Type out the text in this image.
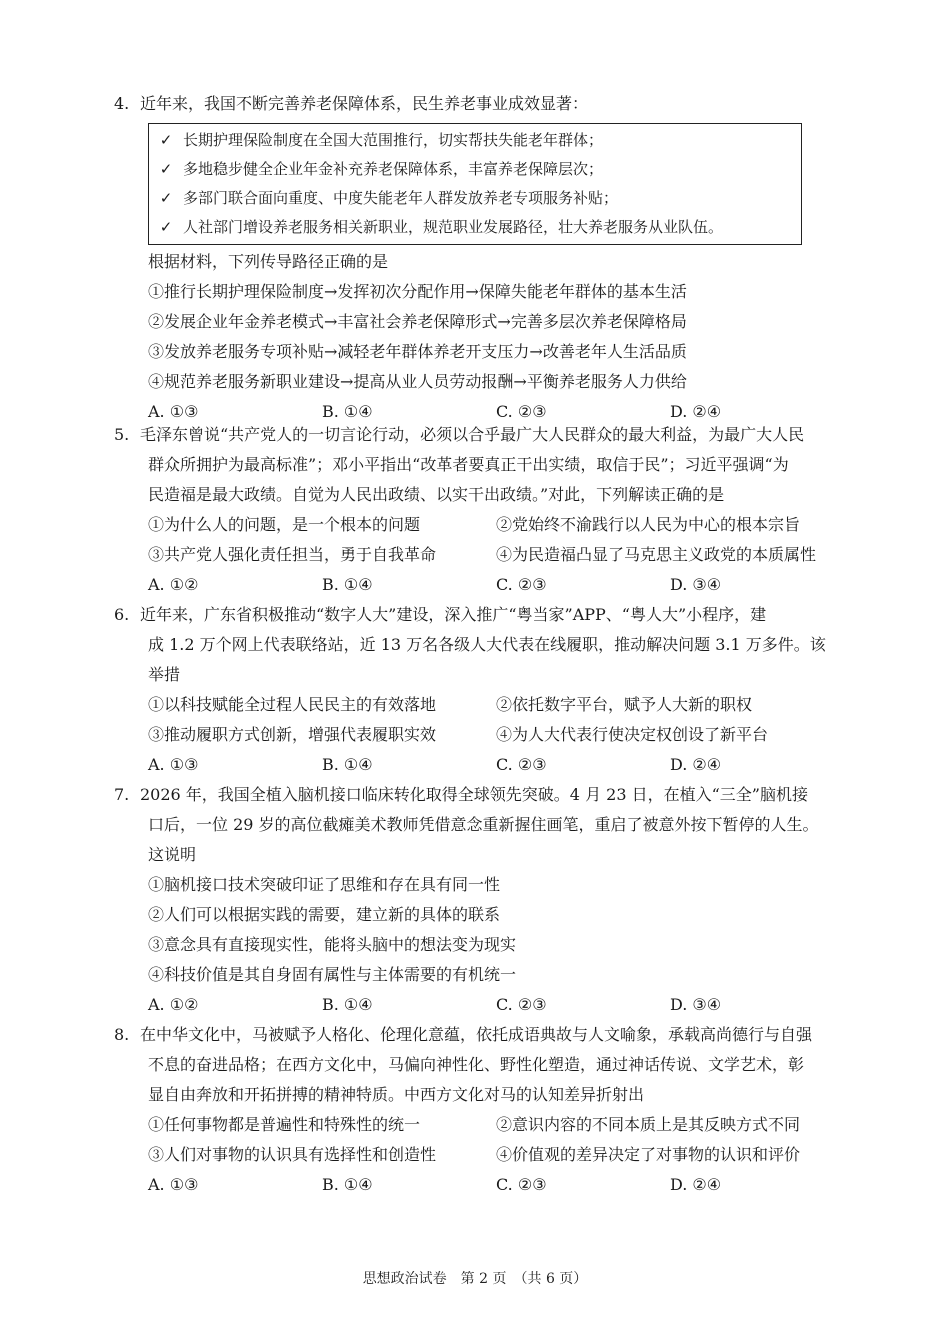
4. 近年来，我国不断完善养老保障体系，民生养老事业成效显著：
✓ 长期护理保险制度在全国大范围推行，切实帮扶失能老年群体；
✓ 多地稳步健全企业年金补充养老保障体系，丰富养老保障层次；
✓ 多部门联合面向重度、中度失能老年人群发放养老专项服务补贴；
✓ 人社部门增设养老服务相关新职业，规范职业发展路径，壮大养老服务从业队伍。
根据材料，下列传导路径正确的是
①推行长期护理保险制度→发挥初次分配作用→保障失能老年群体的基本生活
②发展企业年金养老模式→丰富社会养老保障形式→完善多层次养老保障格局
③发放养老服务专项补贴→减轻老年群体养老开支压力→改善老年人生活品质
④规范养老服务新职业建设→提高从业人员劳动报酬→平衡养老服务人力供给
A. ①③	B. ①④	C. ②③	D. ②④
5. 毛泽东曾说“共产党人的一切言论行动，必须以合乎最广大人民群众的最大利益，为最广大人民
群众所拥护为最高标准”；邓小平指出“改革者要真正干出实绩，取信于民”；习近平强调“为
民造福是最大政绩。自觉为人民出政绩、以实干出政绩。”对此，下列解读正确的是
①为什么人的问题，是一个根本的问题	②党始终不渝践行以人民为中心的根本宗旨
③共产党人强化责任担当，勇于自我革命	④为民造福凸显了马克思主义政党的本质属性
A. ①②	B. ①④	C. ②③	D. ③④
6. 近年来，广东省积极推动“数字人大”建设，深入推广“粤当家”APP、“粤人大”小程序，建
成 1.2 万个网上代表联络站，近 13 万名各级人大代表在线履职，推动解决问题 3.1 万多件。该
举措
①以科技赋能全过程人民民主的有效落地	②依托数字平台，赋予人大新的职权
③推动履职方式创新，增强代表履职实效	④为人大代表行使决定权创设了新平台
A. ①③	B. ①④	C. ②③	D. ②④
7. 2026 年，我国全植入脑机接口临床转化取得全球领先突破。4 月 23 日，在植入“三全”脑机接
口后，一位 29 岁的高位截瘫美术教师凭借意念重新握住画笔，重启了被意外按下暂停的人生。
这说明
①脑机接口技术突破印证了思维和存在具有同一性
②人们可以根据实践的需要，建立新的具体的联系
③意念具有直接现实性，能将头脑中的想法变为现实
④科技价值是其自身固有属性与主体需要的有机统一
A. ①②	B. ①④	C. ②③	D. ③④
8. 在中华文化中，马被赋予人格化、伦理化意蕴，依托成语典故与人文喻象，承载高尚德行与自强
不息的奋进品格；在西方文化中，马偏向神性化、野性化塑造，通过神话传说、文学艺术，彰
显自由奔放和开拓拼搏的精神特质。中西方文化对马的认知差异折射出
①任何事物都是普遍性和特殊性的统一	②意识内容的不同本质上是其反映方式不同
③人们对事物的认识具有选择性和创造性	④价值观的差异决定了对事物的认识和评价
A. ①③	B. ①④	C. ②③	D. ②④
思想政治试卷　第 2 页　（共 6 页）
